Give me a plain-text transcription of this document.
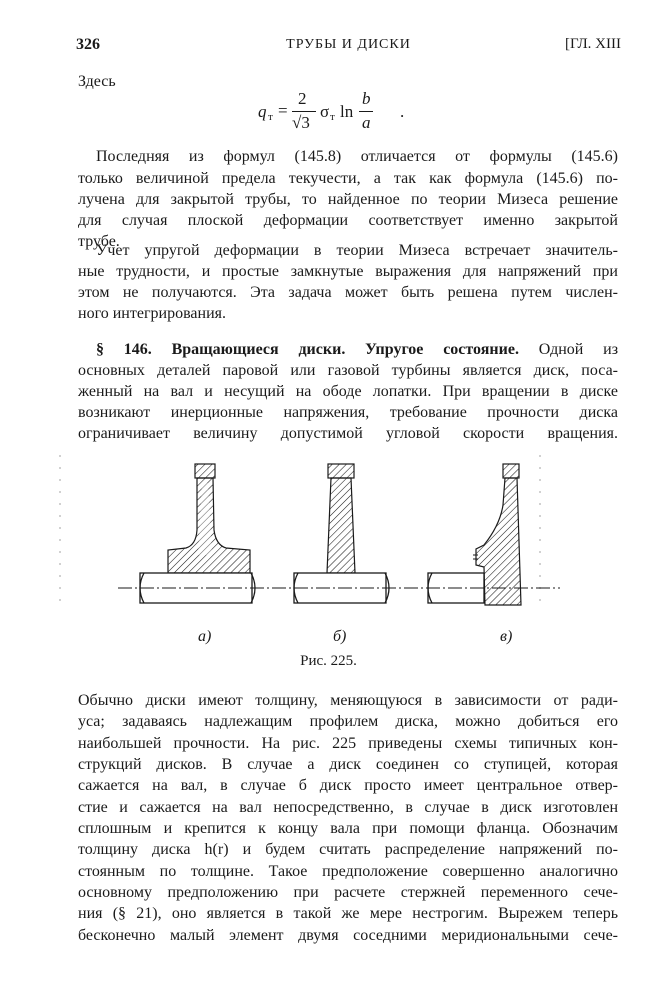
326	ТРУБЫ И ДИСКИ	[ГЛ. XIII
Здесь
q т =
2
√3
σ т ln
b
a
.
Последняя из формул (145.8) отличается от формулы (145.6)
только величиной предела текучести, а так как формула (145.6) по-
лучена для закрытой трубы, то найденное по теории Мизеса решение
для случая плоской деформации соответствует именно закрытой
трубе.
Учет упругой деформации в теории Мизеса встречает значитель-
ные трудности, и простые замкнутые выражения для напряжений при
этом не получаются. Эта задача может быть решена путем числен-
ного интегрирования.
§ 146. Вращающиеся диски. Упругое состояние. Одной из
основных деталей паровой или газовой турбины является диск, поса-
женный на вал и несущий на ободе лопатки. При вращении в диске
возникают инерционные напряжения, требование прочности диска
ограничивает величину допустимой угловой скорости вращения.
а)	б)	в)
Рис. 225.
Обычно диски имеют толщину, меняющуюся в зависимости от ради-
уса; задаваясь надлежащим профилем диска, можно добиться его
наибольшей прочности. На рис. 225 приведены схемы типичных кон-
струкций дисков. В случае а диск соединен со ступицей, которая
сажается на вал, в случае б диск просто имеет центральное отвер-
стие и сажается на вал непосредственно, в случае в диск изготовлен
сплошным и крепится к концу вала при помощи фланца. Обозначим
толщину диска h(r) и будем считать распределение напряжений по-
стоянным по толщине. Такое предположение совершенно аналогично
основному предположению при расчете стержней переменного сече-
ния (§ 21), оно является в такой же мере нестрогим. Вырежем теперь
бесконечно малый элемент двумя соседними меридиональными сече-
